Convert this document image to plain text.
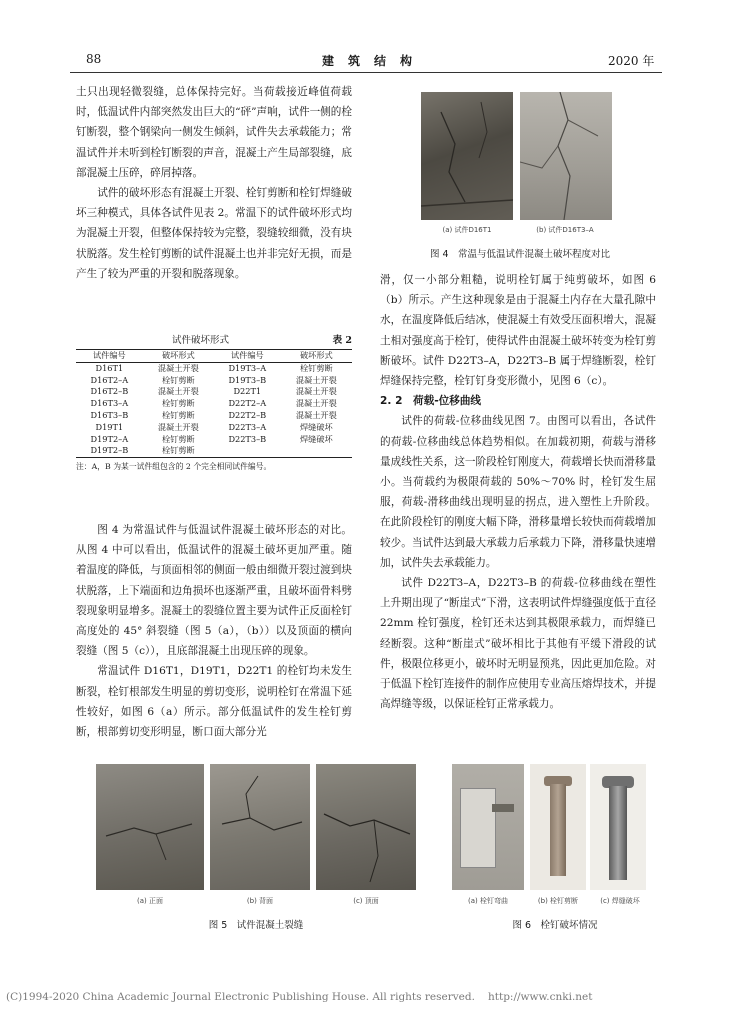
88	建　筑　结　构	2020 年

土只出现轻微裂缝，总体保持完好。当荷载接近峰值荷载时，低温试件内部突然发出巨大的“砰”声响，试件一侧的栓钉断裂，整个钢梁向一侧发生倾斜，试件失去承载能力；常温试件并未听到栓钉断裂的声音，混凝土产生局部裂缝，底部混凝土压碎，碎屑掉落。

试件的破坏形态有混凝土开裂、栓钉剪断和栓钉焊缝破坏三种模式，具体各试件见表 2。常温下的试件破坏形式均为混凝土开裂，但整体保持较为完整，裂缝较细微，没有块状脱落。发生栓钉剪断的试件混凝土也并非完好无损，而是产生了较为严重的开裂和脱落现象。

试件破坏形式	表 2
试件编号	破坏形式	试件编号	破坏形式
D16T1	混凝土开裂	D19T3–A	栓钉剪断
D16T2–A	栓钉剪断	D19T3–B	混凝土开裂
D16T2–B	混凝土开裂	D22T1	混凝土开裂
D16T3–A	栓钉剪断	D22T2–A	混凝土开裂
D16T3–B	栓钉剪断	D22T2–B	混凝土开裂
D19T1	混凝土开裂	D22T3–A	焊缝破坏
D19T2–A	栓钉剪断	D22T3–B	焊缝破坏
D19T2–B	栓钉剪断		
注：A，B 为某一试件组包含的 2 个完全相同试件编号。

图 4 为常温试件与低温试件混凝土破坏形态的对比。从图 4 中可以看出，低温试件的混凝土破坏更加严重。随着温度的降低，与顶面相邻的侧面一般由细微开裂过渡到块状脱落，上下端面和边角损坏也逐渐严重，且破坏面骨料劈裂现象明显增多。混凝土的裂缝位置主要为试件正反面栓钉高度处的 45° 斜裂缝（图 5（a），（b））以及顶面的横向裂缝（图 5（c）），且底部混凝土出现压碎的现象。

常温试件 D16T1，D19T1，D22T1 的栓钉均未发生断裂，栓钉根部发生明显的剪切变形，说明栓钉在常温下延性较好，如图 6（a）所示。部分低温试件的发生栓钉剪断，根部剪切变形明显，断口面大部分光

(a) 试件D16T1	(b) 试件D16T3–A
图 4　常温与低温试件混凝土破坏程度对比

滑，仅一小部分粗糙，说明栓钉属于纯剪破坏，如图 6（b）所示。产生这种现象是由于混凝土内存在大量孔隙中水，在温度降低后结冰，使混凝土有效受压面积增大，混凝土相对强度高于栓钉，使得试件由混凝土破坏转变为栓钉剪断破坏。试件 D22T3–A，D22T3–B 属于焊缝断裂，栓钉焊缝保持完整，栓钉钉身变形微小，见图 6（c）。

2. 2　荷载-位移曲线

试件的荷载-位移曲线见图 7。由图可以看出，各试件的荷载-位移曲线总体趋势相似。在加载初期，荷载与滑移量成线性关系，这一阶段栓钉刚度大，荷载增长快而滑移量小。当荷载约为极限荷载的 50%～70% 时，栓钉发生屈服，荷载-滑移曲线出现明显的拐点，进入塑性上升阶段。在此阶段栓钉的刚度大幅下降，滑移量增长较快而荷载增加较少。当试件达到最大承载力后承载力下降，滑移量快速增加，试件失去承载能力。

试件 D22T3–A，D22T3–B 的荷载-位移曲线在塑性上升期出现了“断崖式”下滑，这表明试件焊缝强度低于直径 22mm 栓钉强度，栓钉还未达到其极限承载力，而焊缝已经断裂。这种“断崖式”破坏相比于其他有平缓下滑段的试件，极限位移更小，破坏时无明显预兆，因此更加危险。对于低温下栓钉连接件的制作应使用专业高压熔焊技术，并提高焊缝等级，以保证栓钉正常承载力。

(a) 正面	(b) 背面	(c) 顶面
图 5　试件混凝土裂缝
(a) 栓钉弯曲	(b) 栓钉剪断	(c) 焊缝破坏
图 6　栓钉破坏情况
(C)1994-2020 China Academic Journal Electronic Publishing House. All rights reserved. http://www.cnki.net
